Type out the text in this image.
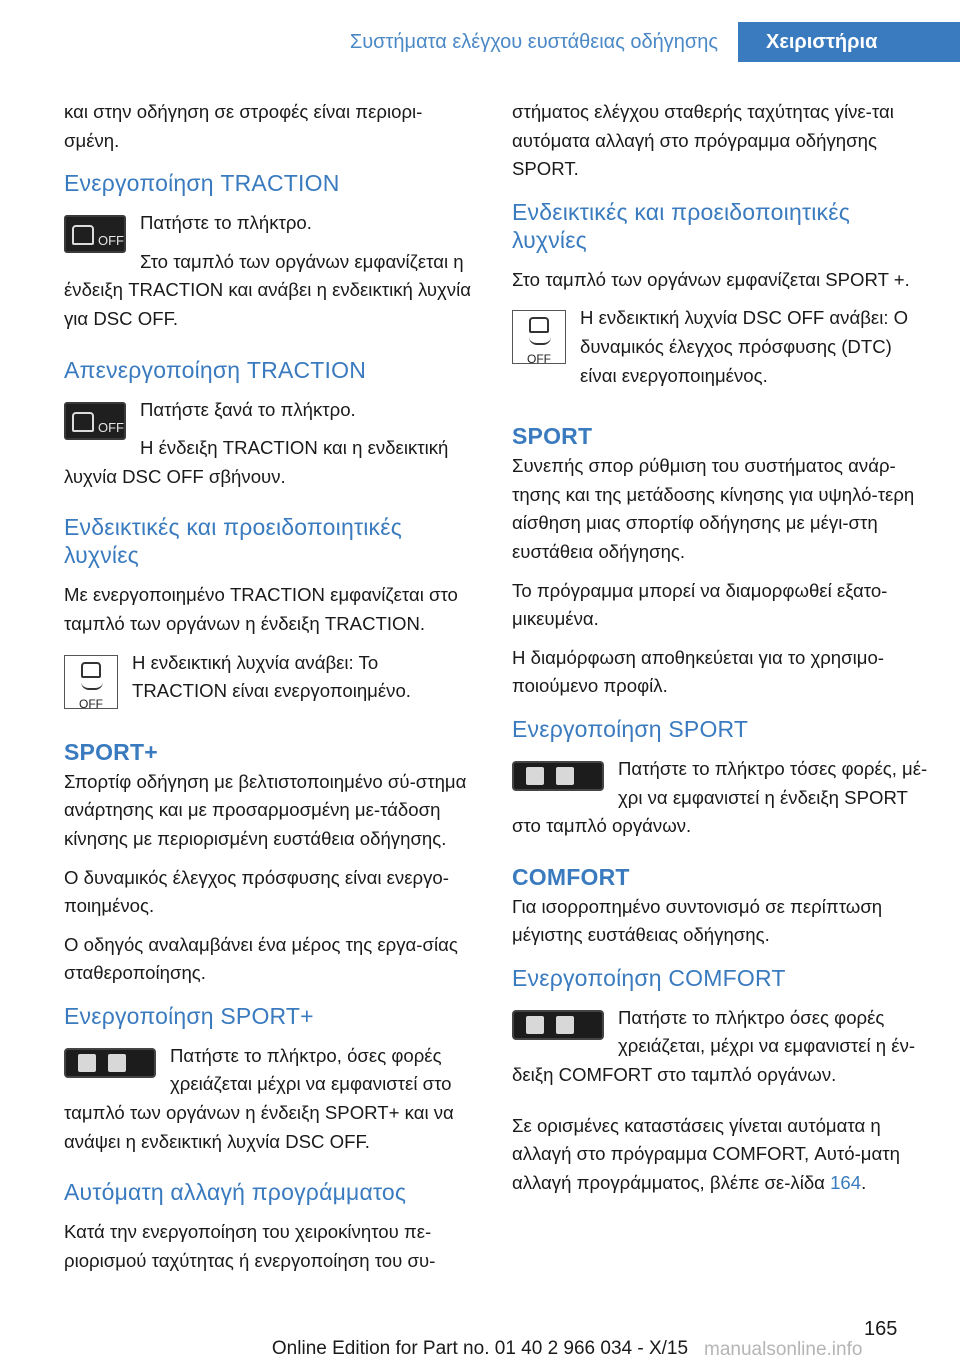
Συστήματα ελέγχου ευστάθειας οδήγησης	Χειριστήρια

και στην οδήγηση σε στροφές είναι περιορι-σμένη.

Ενεργοποίηση TRACTION
OFF

Πατήστε το πλήκτρο.

Στο ταμπλό των οργάνων εμφανίζεται η ένδειξη TRACTION και ανάβει η ενδεικτική λυχνία για DSC OFF.

Απενεργοποίηση TRACTION
OFF

Πατήστε ξανά το πλήκτρο.

Η ένδειξη TRACTION και η ενδεικτική λυχνία DSC OFF σβήνουν.

Ενδεικτικές και προειδοποιητικές λυχνίες

Με ενεργοποιημένο TRACTION εμφανίζεται στο ταμπλό των οργάνων η ένδειξη TRACTION.

OFF

Η ενδεικτική λυχνία ανάβει: Το TRACTION είναι ενεργοποιημένο.

SPORT+

Σπορτίφ οδήγηση με βελτιστοποιημένο σύ-στημα ανάρτησης και με προσαρμοσμένη με-τάδοση κίνησης με περιορισμένη ευστάθεια οδήγησης.

Ο δυναμικός έλεγχος πρόσφυσης είναι ενεργο-ποιημένος.

Ο οδηγός αναλαμβάνει ένα μέρος της εργα-σίας σταθεροποίησης.

Ενεργοποίηση SPORT+

Πατήστε το πλήκτρο, όσες φορές χρειάζεται μέχρι να εμφανιστεί στο ταμπλό των οργάνων η ένδειξη SPORT+ και να ανάψει η ενδεικτική λυχνία DSC OFF.

Αυτόματη αλλαγή προγράμματος

Κατά την ενεργοποίηση του χειροκίνητου πε-ριορισμού ταχύτητας ή ενεργοποίηση του συ-

στήματος ελέγχου σταθερής ταχύτητας γίνε-ται αυτόματα αλλαγή στο πρόγραμμα οδήγησης SPORT.

Ενδεικτικές και προειδοποιητικές λυχνίες

Στο ταμπλό των οργάνων εμφανίζεται SPORT +.

OFF

Η ενδεικτική λυχνία DSC OFF ανάβει: Ο δυναμικός έλεγχος πρόσφυσης (DTC) είναι ενεργοποιημένος.

SPORT

Συνεπής σπορ ρύθμιση του συστήματος ανάρ-τησης και της μετάδοσης κίνησης για υψηλό-τερη αίσθηση μιας σπορτίφ οδήγησης με μέγι-στη ευστάθεια οδήγησης.

Το πρόγραμμα μπορεί να διαμορφωθεί εξατο-μικευμένα.

Η διαμόρφωση αποθηκεύεται για το χρησιμο-ποιούμενο προφίλ.

Ενεργοποίηση SPORT

Πατήστε το πλήκτρο τόσες φορές, μέ-χρι να εμφανιστεί η ένδειξη SPORT στο ταμπλό οργάνων.

COMFORT

Για ισορροπημένο συντονισμό σε περίπτωση μέγιστης ευστάθειας οδήγησης.

Ενεργοποίηση COMFORT

Πατήστε το πλήκτρο όσες φορές χρειάζεται, μέχρι να εμφανιστεί η έν-δειξη COMFORT στο ταμπλό οργάνων.

Σε ορισμένες καταστάσεις γίνεται αυτόματα η αλλαγή στο πρόγραμμα COMFORT, Αυτό-ματη αλλαγή προγράμματος, βλέπε σε-λίδα 164.

165
Online Edition for Part no. 01 40 2 966 034 - X/15 manualsonline.info
